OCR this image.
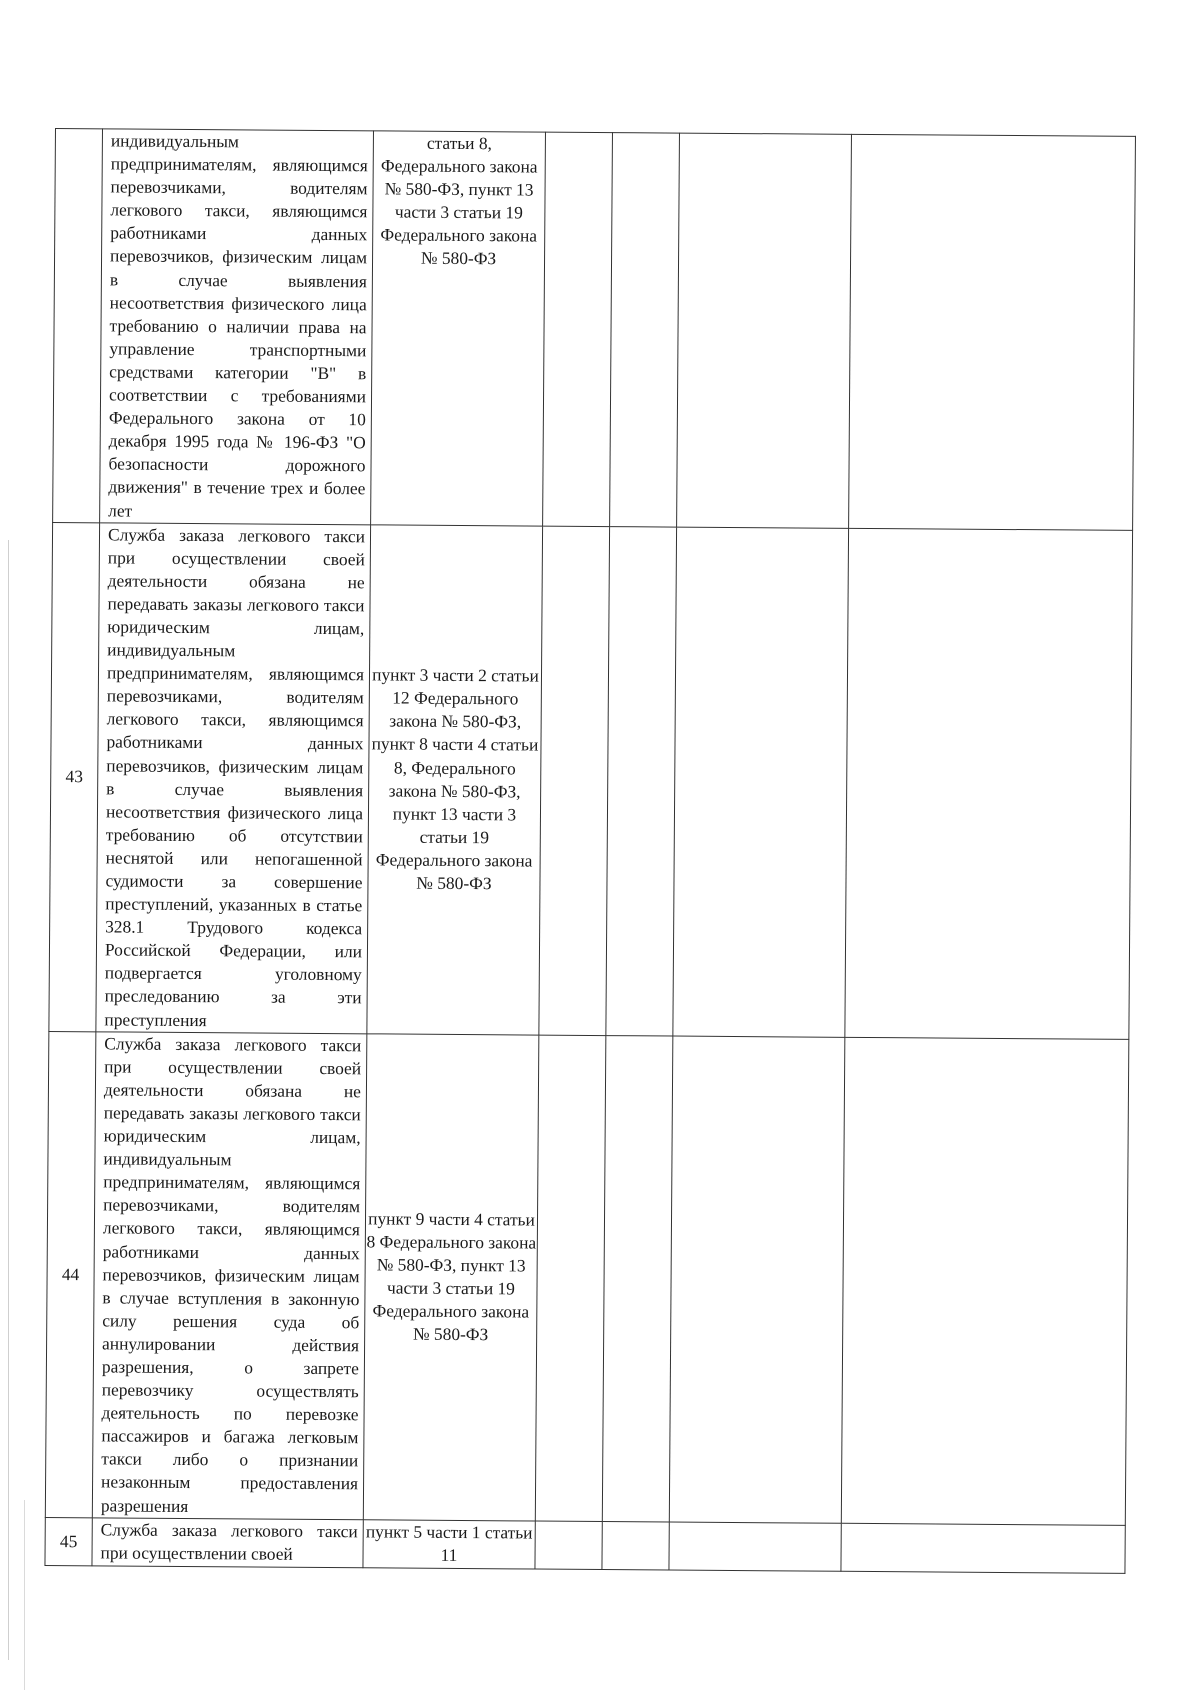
	индивидуальным предпринимателям, являющимся перевозчиками, водителям легкового такси, являющимся работниками данных перевозчиков, физическим лицам в случае выявления несоответствия физического лица требованию о наличии права на управление транспортными средствами категории "В" в соответствии с требованиями Федерального закона от 10 декабря 1995 года № 196-ФЗ "О безопасности дорожного движения" в течение трех и более лет	статьи 8, Федерального закона № 580-ФЗ, пункт 13 части 3 статьи 19 Федерального закона № 580-ФЗ				

43	Служба заказа легкового такси при осуществлении своей деятельности обязана не передавать заказы легкового такси юридическим лицам, индивидуальным предпринимателям, являющимся перевозчиками, водителям легкового такси, являющимся работниками данных перевозчиков, физическим лицам в случае выявления несоответствия физического лица требованию об отсутствии неснятой или непогашенной судимости за совершение преступлений, указанных в статье 328.1 Трудового кодекса Российской Федерации, или подвергается уголовному преследованию за эти преступления	пункт 3 части 2 статьи 12 Федерального закона № 580-ФЗ, пункт 8 части 4 статьи 8, Федерального закона № 580-ФЗ, пункт 13 части 3 статьи 19 Федерального закона № 580-ФЗ				

44	Служба заказа легкового такси при осуществлении своей деятельности обязана не передавать заказы легкового такси юридическим лицам, индивидуальным предпринимателям, являющимся перевозчиками, водителям легкового такси, являющимся работниками данных перевозчиков, физическим лицам в случае вступления в законную силу решения суда об аннулировании действия разрешения, о запрете перевозчику осуществлять деятельность по перевозке пассажиров и багажа легковым такси либо о признании незаконным предоставления разрешения	пункт 9 части 4 статьи 8 Федерального закона № 580-ФЗ, пункт 13 части 3 статьи 19 Федерального закона № 580-ФЗ				

45	Служба заказа легкового такси при осуществлении своей	пункт 5 части 1 статьи 11				
